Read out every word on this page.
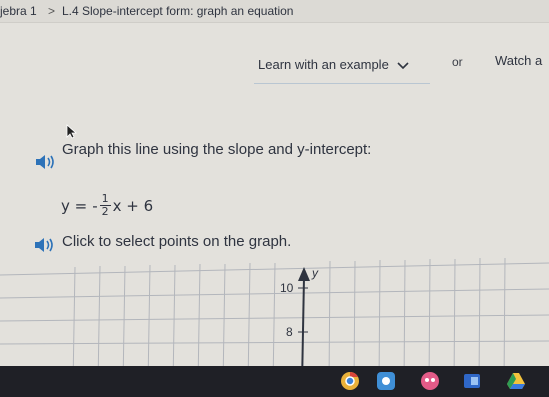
jebra 1 > L.4 Slope-intercept form: graph an equation
Learn with an example	or Watch a
Graph this line using the slope and y-intercept:
y = - $\frac{1}{2}$ x + 6
Click to select points on the graph.
y
10
8
